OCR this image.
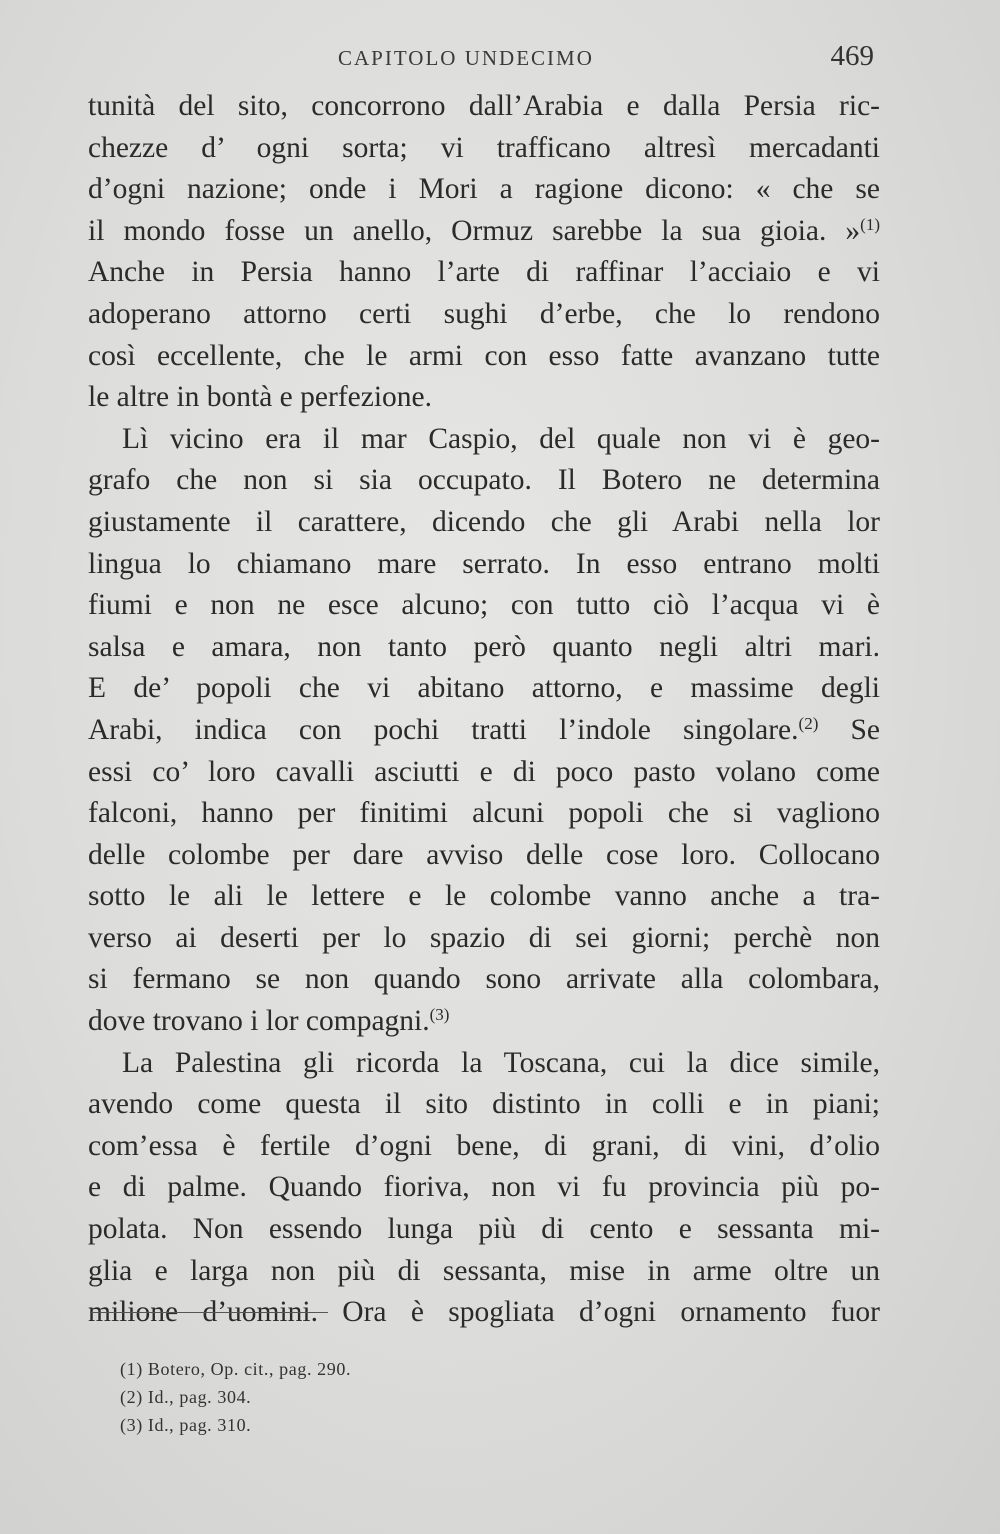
CAPITOLO UNDECIMO	469
tunità del sito, concorrono dall’Arabia e dalla Persia ric-
chezze d’ ogni sorta; vi trafficano altresì mercadanti
d’ogni nazione; onde i Mori a ragione dicono: « che se
il mondo fosse un anello, Ormuz sarebbe la sua gioia. »$^{(1)}$
Anche in Persia hanno l’arte di raffinar l’acciaio e vi
adoperano attorno certi sughi d’erbe, che lo rendono
così eccellente, che le armi con esso fatte avanzano tutte
le altre in bontà e perfezione.
Lì vicino era il mar Caspio, del quale non vi è geo-
grafo che non si sia occupato. Il Botero ne determina
giustamente il carattere, dicendo che gli Arabi nella lor
lingua lo chiamano mare serrato. In esso entrano molti
fiumi e non ne esce alcuno; con tutto ciò l’acqua vi è
salsa e amara, non tanto però quanto negli altri mari.
E de’ popoli che vi abitano attorno, e massime degli
Arabi, indica con pochi tratti l’indole singolare.$^{(2)}$ Se
essi co’ loro cavalli asciutti e di poco pasto volano come
falconi, hanno per finitimi alcuni popoli che si vagliono
delle colombe per dare avviso delle cose loro. Collocano
sotto le ali le lettere e le colombe vanno anche a tra-
verso ai deserti per lo spazio di sei giorni; perchè non
si fermano se non quando sono arrivate alla colombara,
dove trovano i lor compagni.$^{(3)}$
La Palestina gli ricorda la Toscana, cui la dice simile,
avendo come questa il sito distinto in colli e in piani;
com’essa è fertile d’ogni bene, di grani, di vini, d’olio
e di palme. Quando fioriva, non vi fu provincia più po-
polata. Non essendo lunga più di cento e sessanta mi-
glia e larga non più di sessanta, mise in arme oltre un
milione d’uomini. Ora è spogliata d’ogni ornamento fuor
(1) Botero, Op. cit., pag. 290.
(2) Id., pag. 304.
(3) Id., pag. 310.
